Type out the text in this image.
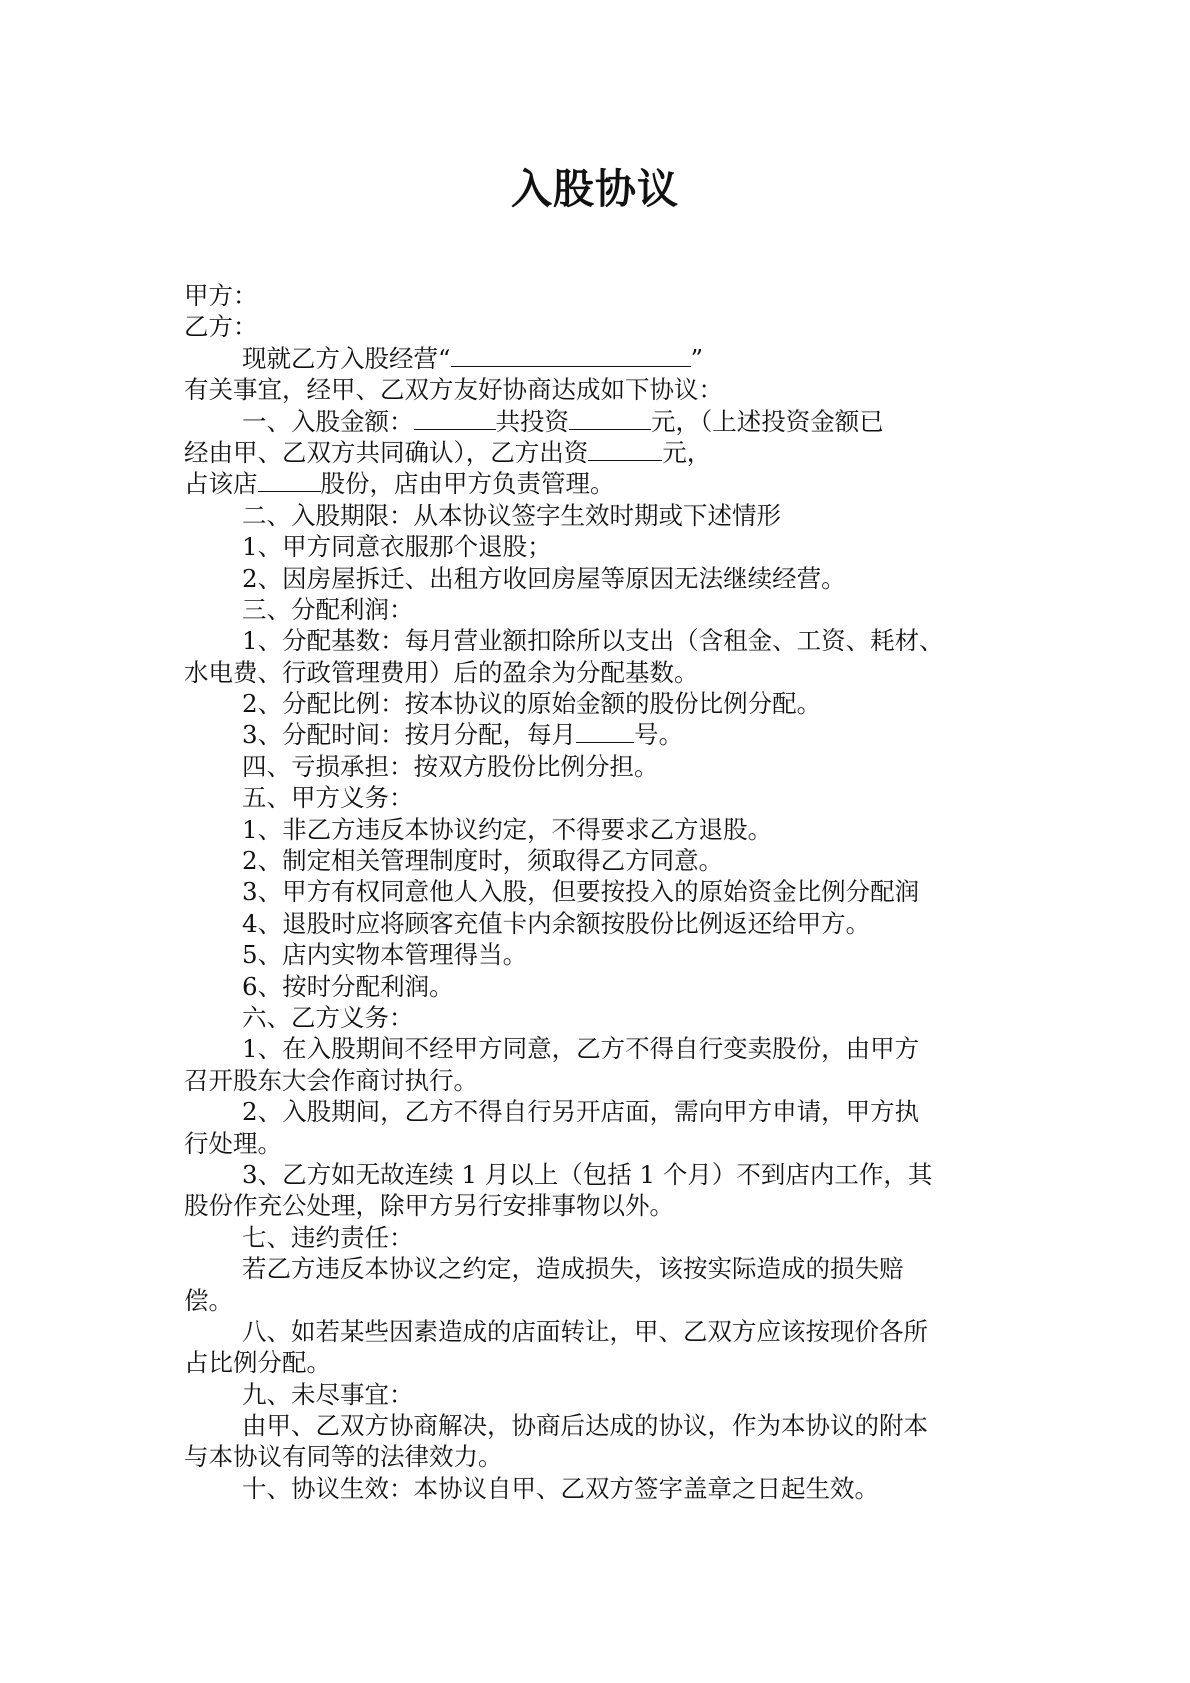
入股协议
甲方：
乙方：
现就乙方入股经营“	”
有关事宜，经甲、乙双方友好协商达成如下协议：
一、入股金额：	共投资	元，（上述投资金额已
经由甲、乙双方共同确认），乙方出资	元，
占该店	股份，店由甲方负责管理。
二、入股期限：从本协议签字生效时期或下述情形
1、甲方同意衣服那个退股；
2、因房屋拆迁、出租方收回房屋等原因无法继续经营。
三、分配利润：
1、分配基数：每月营业额扣除所以支出（含租金、工资、耗材、
水电费、行政管理费用）后的盈余为分配基数。
2、分配比例：按本协议的原始金额的股份比例分配。
3、分配时间：按月分配，每月 号。
四、亏损承担：按双方股份比例分担。
五、甲方义务：
1、非乙方违反本协议约定，不得要求乙方退股。
2、制定相关管理制度时，须取得乙方同意。
3、甲方有权同意他人入股，但要按投入的原始资金比例分配润
4、退股时应将顾客充值卡内余额按股份比例返还给甲方。
5、店内实物本管理得当。
6、按时分配利润。
六、乙方义务：
1、在入股期间不经甲方同意，乙方不得自行变卖股份，由甲方
召开股东大会作商讨执行。
2、入股期间，乙方不得自行另开店面，需向甲方申请，甲方执
行处理。
3、乙方如无故连续 1 月以上（包括 1 个月）不到店内工作，其
股份作充公处理，除甲方另行安排事物以外。
七、违约责任：
若乙方违反本协议之约定，造成损失，该按实际造成的损失赔
偿。
八、如若某些因素造成的店面转让，甲、乙双方应该按现价各所
占比例分配。
九、未尽事宜：
由甲、乙双方协商解决，协商后达成的协议，作为本协议的附本
与本协议有同等的法律效力。
十、协议生效：本协议自甲、乙双方签字盖章之日起生效。
